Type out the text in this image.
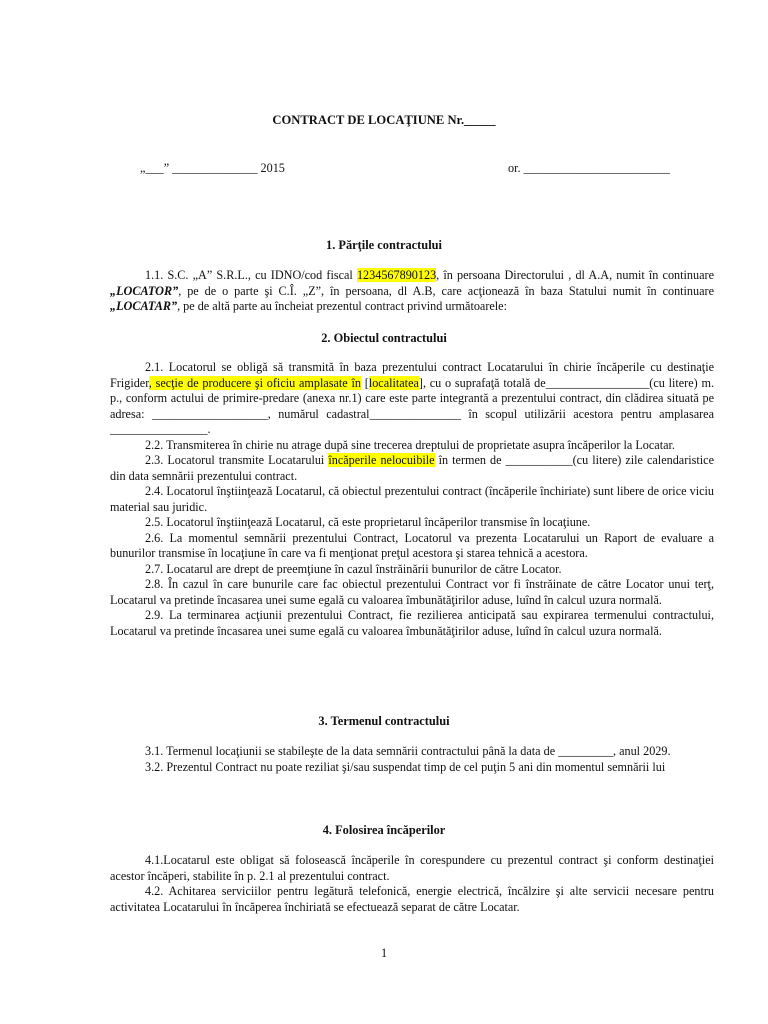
CONTRACT DE LOCAŢIUNE Nr._____
„___” ______________ 2015	or. ________________________
1. Părţile contractului

1.1. S.C. „A” S.R.L., cu IDNO/cod fiscal 1234567890123, în persoana Directorului , dl A.A, numit în continuare „LOCATOR”, pe de o parte şi C.Î. „Z”, în persoana, dl A.B, care acţionează în baza Statului numit în continuare „LOCATAR”, pe de altă parte au încheiat prezentul contract privind următoarele:

2. Obiectul contractului

2.1. Locatorul se obligă să transmită în baza prezentului contract Locatarului în chirie încăperile cu destinaţie Frigider, secţie de producere şi oficiu amplasate în [localitatea], cu o suprafaţă totală de_________________(cu litere) m. p., conform actului de primire-predare (anexa nr.1) care este parte integrantă a prezentului contract, din clădirea situată pe adresa: ___________________, numărul cadastral_______________ în scopul utilizării acestora pentru amplasarea ________________.

2.2. Transmiterea în chirie nu atrage după sine trecerea dreptului de proprietate asupra încăperilor la Locatar.

2.3. Locatorul transmite Locatarului încăperile nelocuibile în termen de ___________(cu litere) zile calendaristice din data semnării prezentului contract.

2.4. Locatorul înştiinţează Locatarul, că obiectul prezentului contract (încăperile închiriate) sunt libere de orice viciu material sau juridic.

2.5. Locatorul înştiinţează Locatarul, că este proprietarul încăperilor transmise în locaţiune.

2.6. La momentul semnării prezentului Contract, Locatorul va prezenta Locatarului un Raport de evaluare a bunurilor transmise în locaţiune în care va fi menţionat preţul acestora şi starea tehnică a acestora.

2.7. Locatarul are drept de preemţiune în cazul înstrăinării bunurilor de către Locator.

2.8. În cazul în care bunurile care fac obiectul prezentului Contract vor fi înstrăinate de către Locator unui terţ, Locatarul va pretinde încasarea unei sume egală cu valoarea îmbunătăţirilor aduse, luînd în calcul uzura normală.

2.9. La terminarea acţiunii prezentului Contract, fie rezilierea anticipată sau expirarea termenului contractului, Locatarul va pretinde încasarea unei sume egală cu valoarea îmbunătăţirilor aduse, luînd în calcul uzura normală.

3. Termenul contractului

3.1. Termenul locaţiunii se stabileşte de la data semnării contractului până la data de _________, anul 2029.

3.2. Prezentul Contract nu poate reziliat şi/sau suspendat timp de cel puţin 5 ani din momentul semnării lui

4. Folosirea încăperilor

4.1.Locatarul este obligat să folosească încăperile în corespundere cu prezentul contract şi conform destinaţiei acestor încăperi, stabilite în p. 2.1 al prezentului contract.

4.2. Achitarea serviciilor pentru legătură telefonică, energie electrică, încălzire şi alte servicii necesare pentru activitatea Locatarului în încăperea închiriată se efectuează separat de către Locatar.

1
